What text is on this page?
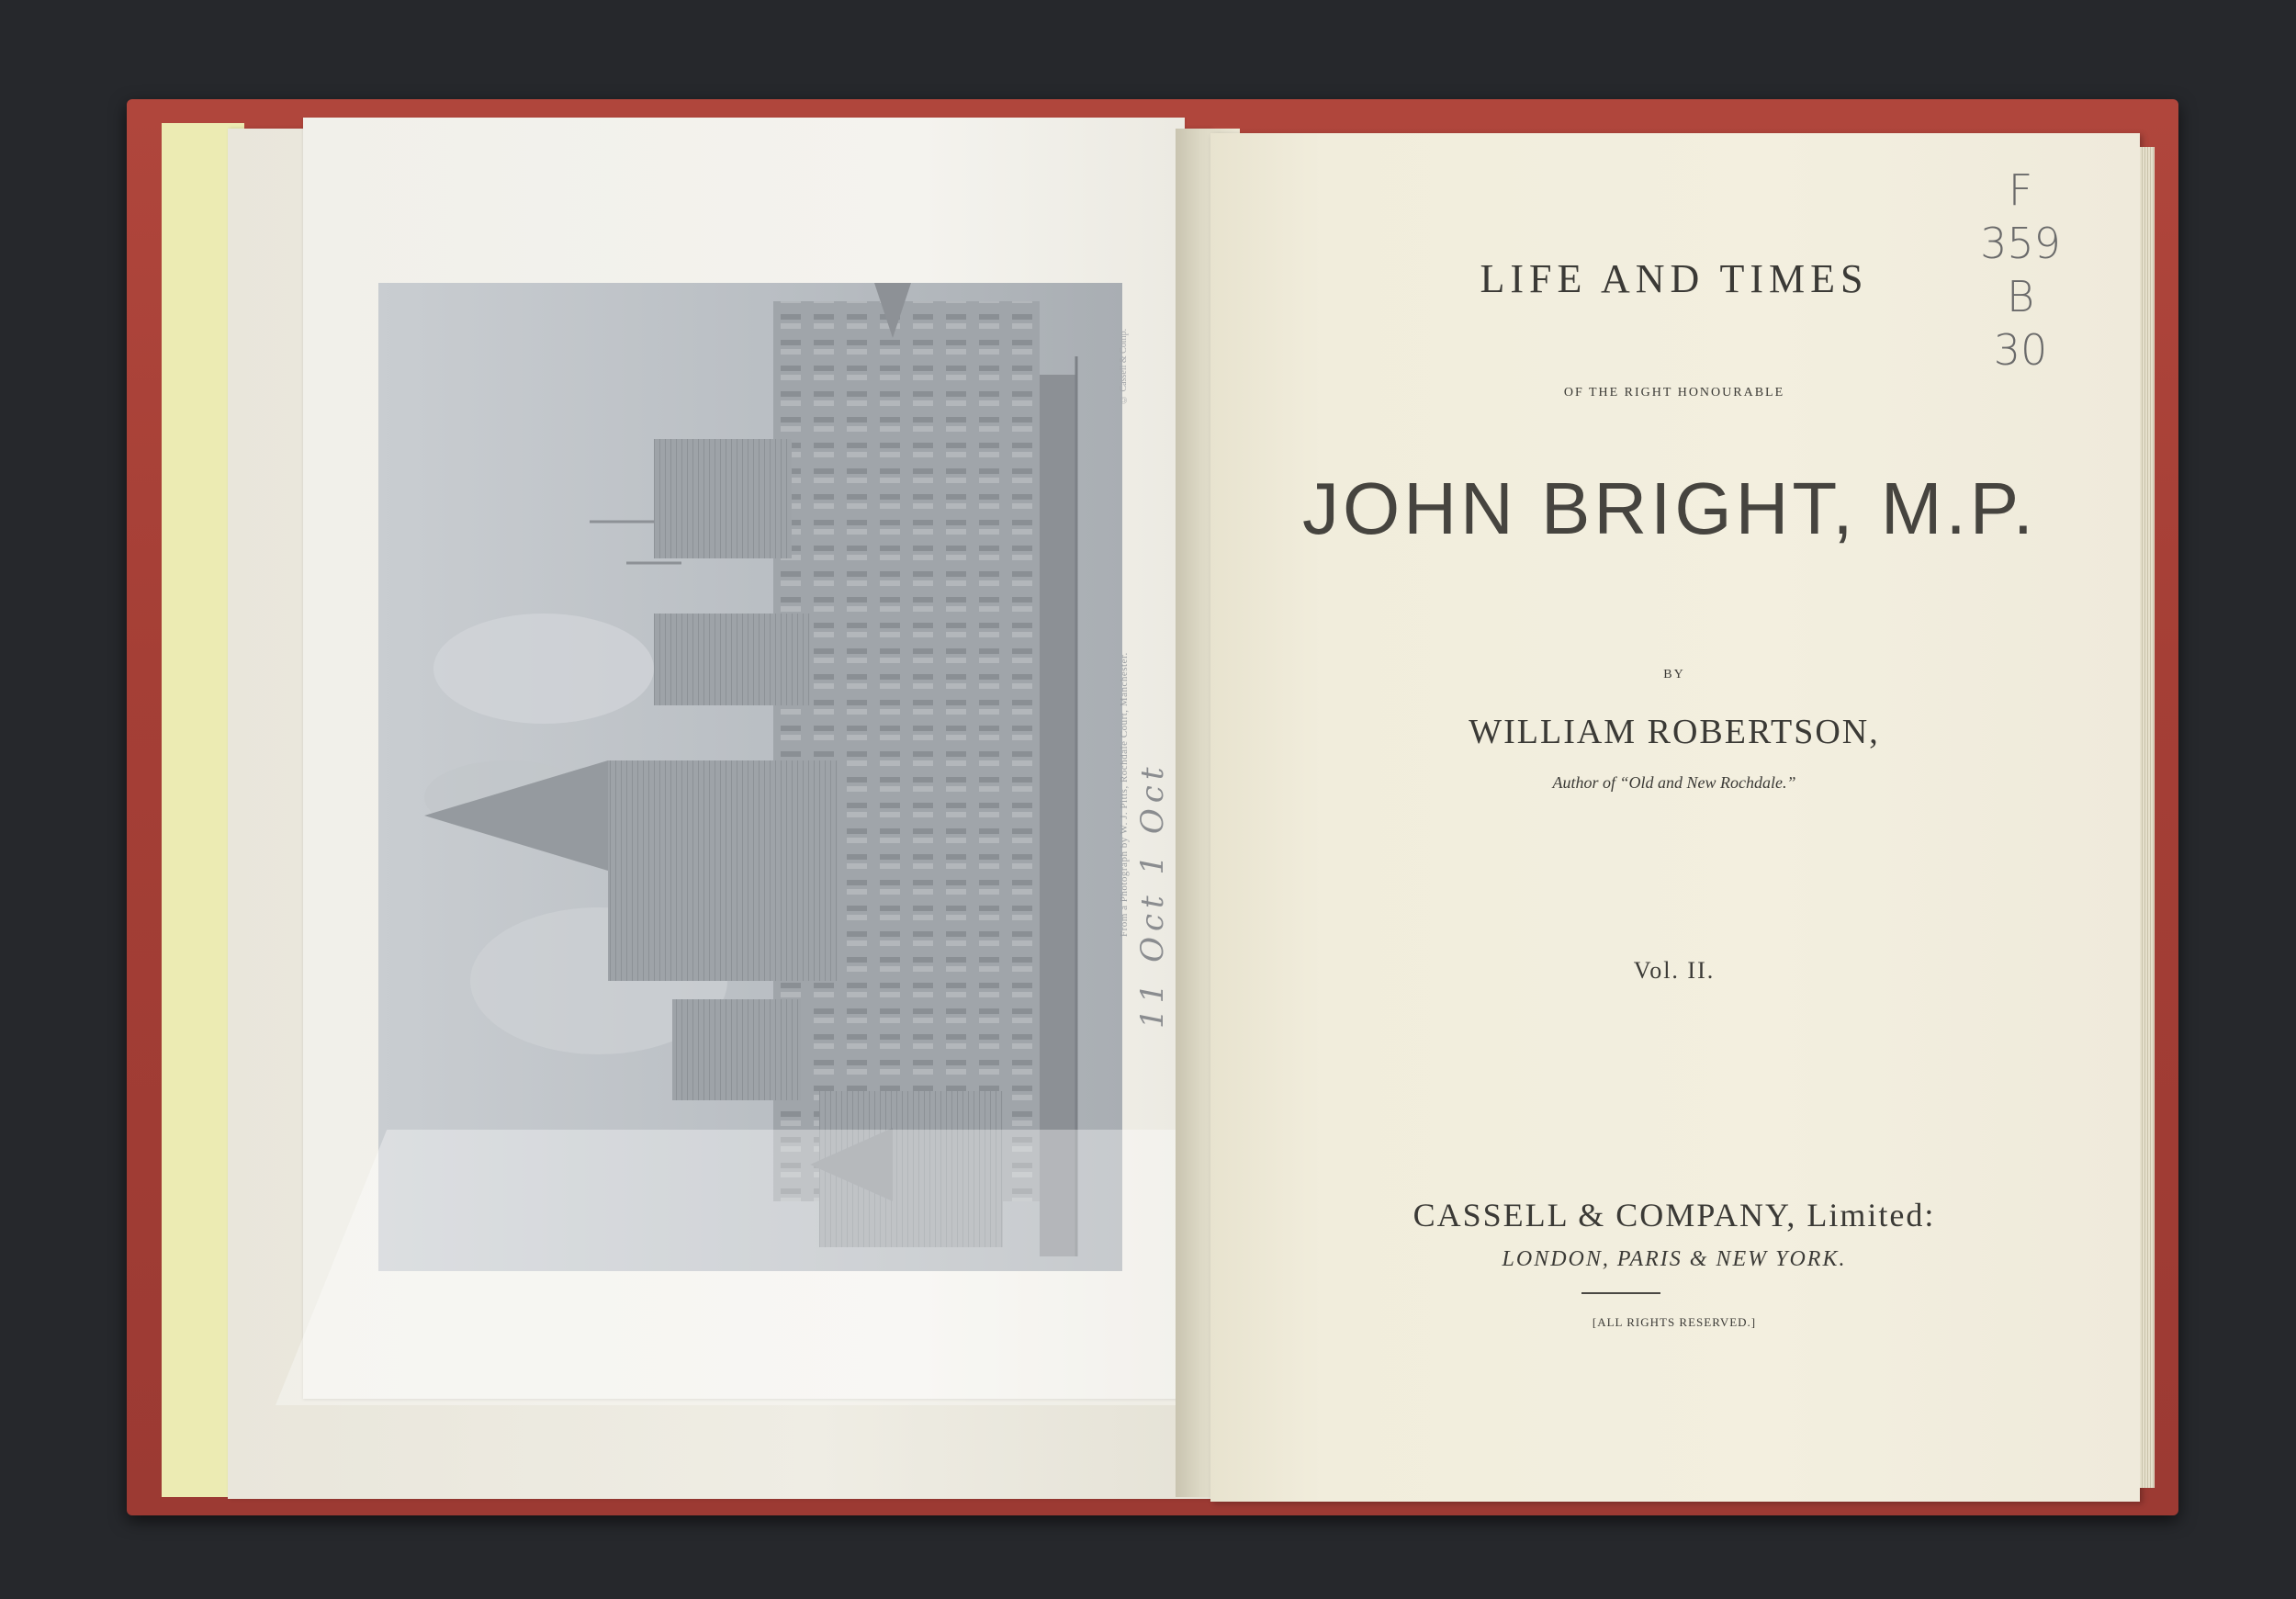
© Cassell & Comp.
From a Photograph by W. J. Pitts, Rochdale Court, Manchester. 11 Oct 1 Oct
LIFE AND TIMES
OF THE RIGHT HONOURABLE
JOHN BRIGHT, M.P.
BY
WILLIAM ROBERTSON,
Author of “Old and New Rochdale.”
Vol. II.
CASSELL & COMPANY, Limited:
LONDON, PARIS & NEW YORK.
[ALL RIGHTS RESERVED.]
F
359
B
30
